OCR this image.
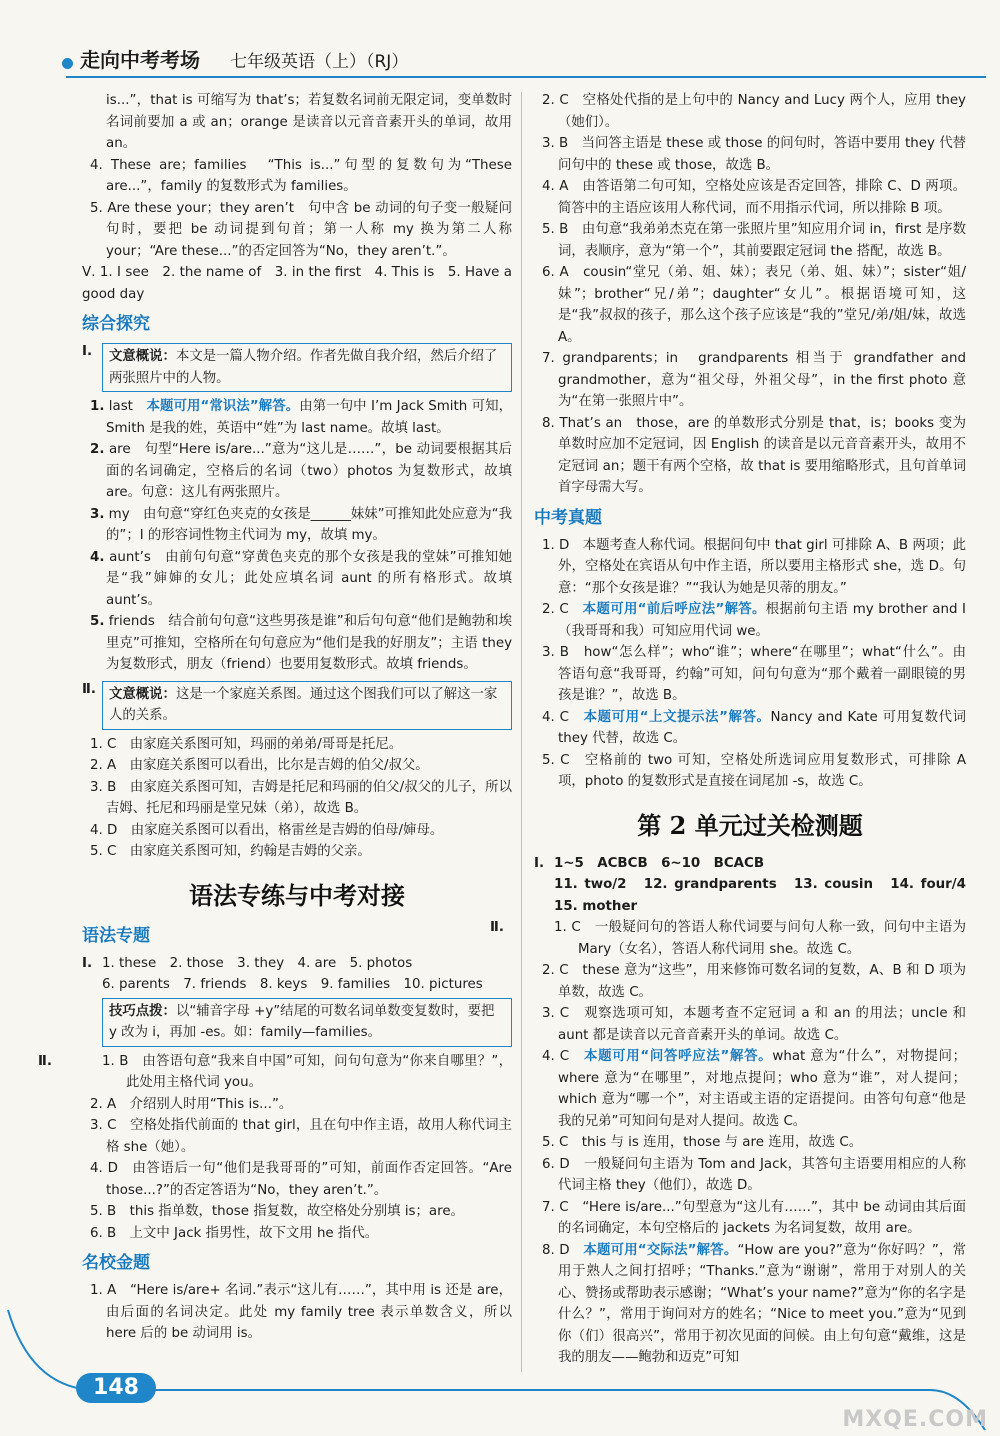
走向中考考场 七年级英语（上）（RJ）

is...”，that is 可缩写为 that’s；若复数名词前无限定词，变单数时名词前要加 a 或 an；orange 是读音以元音音素开头的单词，故用 an。

4. These are；families　“This is...”句型的复数句为“These are...”，family 的复数形式为 families。

5. Are these your；they aren’t　句中含 be 动词的句子变一般疑问句时，要把 be 动词提到句首；第一人称 my 换为第二人称 your；“Are these...”的否定回答为“No，they aren’t.”。

Ⅴ. 1. I see　2. the name of　3. in the first　4. This is　5. Have a good day

综合探究
Ⅰ.	文意概说：本文是一篇人物介绍。作者先做自我介绍，然后介绍了两张照片中的人物。

1. last　 本题可用“常识法”解答。由第一句中 I’m Jack Smith 可知，Smith 是我的姓，英语中“姓”为 last name。故填 last。

2. are　 句型“Here is/are...”意为“这儿是……”，be 动词要根据其后面的名词确定，空格后的名词（two）photos 为复数形式，故填 are。句意：这儿有两张照片。

3. my　 由句意“穿红色夹克的女孩是______妹妹”可推知此处应意为“我的”；I 的形容词性物主代词为 my，故填 my。

4. aunt’s　 由前句句意“穿黄色夹克的那个女孩是我的堂妹”可推知她是“我”婶婶的女儿；此处应填名词 aunt 的所有格形式。故填 aunt’s。

5. friends　 结合前句句意“这些男孩是谁”和后句句意“他们是鲍勃和埃里克”可推知，空格所在句句意应为“他们是我的好朋友”；主语 they 为复数形式，朋友（friend）也要用复数形式。故填 friends。

Ⅱ. 文意概说：这是一个家庭关系图。通过这个图我们可以了解这一家人的关系。

1. C　由家庭关系图可知，玛丽的弟弟/哥哥是托尼。

2. A　由家庭关系图可以看出，比尔是吉姆的伯父/叔父。

3. B　由家庭关系图可知，吉姆是托尼和玛丽的伯父/叔父的儿子，所以吉姆、托尼和玛丽是堂兄妹（弟），故选 B。

4. D　由家庭关系图可以看出，格雷丝是吉姆的伯母/婶母。

5. C　由家庭关系图可知，约翰是吉姆的父亲。

语法专练与中考对接
语法专题

Ⅰ. 1. these　2. those　3. they　4. are　5. photos

6. parents　7. friends　8. keys　9. families　10. pictures

技巧点拨：以“辅音字母 +y”结尾的可数名词单数变复数时，要把 y 改为 i，再加 -es。如：family—families。

Ⅱ.	1. B　由答语句意“我来自中国”可知，问句句意为“你来自哪里？”，此处用主格代词 you。

2. A　介绍别人时用“This is...”。

3. C　空格处指代前面的 that girl，且在句中作主语，故用人称代词主格 she（她）。

4. D　由答语后一句“他们是我哥哥的”可知，前面作否定回答。“Are those...?”的否定答语为“No，they aren’t.”。

5. B　this 指单数，those 指复数，故空格处分别填 is；are。

6. B　上文中 Jack 指男性，故下文用 he 指代。

名校金题

1. A　“Here is/are+ 名词.”表示“这儿有……”，其中用 is 还是 are，由后面的名词决定。此处 my family tree 表示单数含义，所以 here 后的 be 动词用 is。

2. C　空格处代指的是上句中的 Nancy and Lucy 两个人，应用 they（她们）。

3. B　当问答主语是 these 或 those 的问句时，答语中要用 they 代替问句中的 these 或 those，故选 B。

4. A　由答语第二句可知，空格处应该是否定回答，排除 C、D 两项。简答中的主语应该用人称代词，而不用指示代词，所以排除 B 项。

5. B　由句意“我弟弟杰克在第一张照片里”知应用介词 in，first 是序数词，表顺序，意为“第一个”，其前要跟定冠词 the 搭配，故选 B。

6. A　cousin“堂兄（弟、姐、妹）；表兄（弟、姐、妹）”；sister“姐/妹”；brother“兄/弟”；daughter“女儿”。根据语境可知，这是“我”叔叔的孩子，那么这个孩子应该是“我的”堂兄/弟/姐/妹，故选 A。

7. grandparents；in　grandparents 相当于 grandfather and grandmother，意为“祖父母，外祖父母”，in the first photo 意为“在第一张照片中”。

8. That’s an　those，are 的单数形式分别是 that，is；books 变为单数时应加不定冠词，因 English 的读音是以元音音素开头，故用不定冠词 an；题干有两个空格，故 that is 要用缩略形式，且句首单词首字母需大写。

中考真题

1. D　 本题考查人称代词。根据问句中 that girl 可排除 A、B 两项；此外，空格处在宾语从句中作主语，所以要用主格形式 she，选 D。句意：“那个女孩是谁？”“我认为她是贝蒂的朋友。”

2. C　 本题可用“前后呼应法”解答。根据前句主语 my brother and I（我哥哥和我）可知应用代词 we。

3. B　 how“怎么样”；who“谁”；where“在哪里”；what“什么”。由答语句意“我哥哥，约翰”可知，问句句意为“那个戴着一副眼镜的男孩是谁？”，故选 B。

4. C　 本题可用“上文提示法”解答。Nancy and Kate 可用复数代词 they 代替，故选 C。

5. C　 空格前的 two 可知，空格处所选词应用复数形式，可排除 A 项，photo 的复数形式是直接在词尾加 -s，故选 C。

第 2 单元过关检测题

Ⅰ. 1~5　ACBCB　6~10　BCACB

11. two/2　12. grandparents　13. cousin　14. four/4　15. mother

Ⅱ.	1. C　 一般疑问句的答语人称代词要与问句人称一致，问句中主语为 Mary（女名），答语人称代词用 she。故选 C。

2. C　 these 意为“这些”，用来修饰可数名词的复数，A、B 和 D 项为单数，故选 C。

3. C　 观察选项可知，本题考查不定冠词 a 和 an 的用法；uncle 和 aunt 都是读音以元音音素开头的单词。故选 C。

4. C　 本题可用“问答呼应法”解答。what 意为“什么”，对物提问；where 意为“在哪里”，对地点提问；who 意为“谁”，对人提问；which 意为“哪一个”，对主语或主语的定语提问。由答句句意“他是我的兄弟”可知问句是对人提问。故选 C。

5. C　 this 与 is 连用，those 与 are 连用，故选 C。

6. D　 一般疑问句主语为 Tom and Jack，其答句主语要用相应的人称代词主格 they（他们），故选 D。

7. C　 “Here is/are...”句型意为“这儿有……”，其中 be 动词由其后面的名词确定，本句空格后的 jackets 为名词复数，故用 are。

8. D　 本题可用“交际法”解答。“How are you?”意为“你好吗？”，常用于熟人之间打招呼；“Thanks.”意为“谢谢”，常用于对别人的关心、赞扬或帮助表示感谢；“What’s your name?”意为“你的名字是什么？”，常用于询问对方的姓名；“Nice to meet you.”意为“见到你（们）很高兴”，常用于初次见面的问候。由上句句意“戴维，这是我的朋友——鲍勃和迈克”可知

148
MXQE.COM
